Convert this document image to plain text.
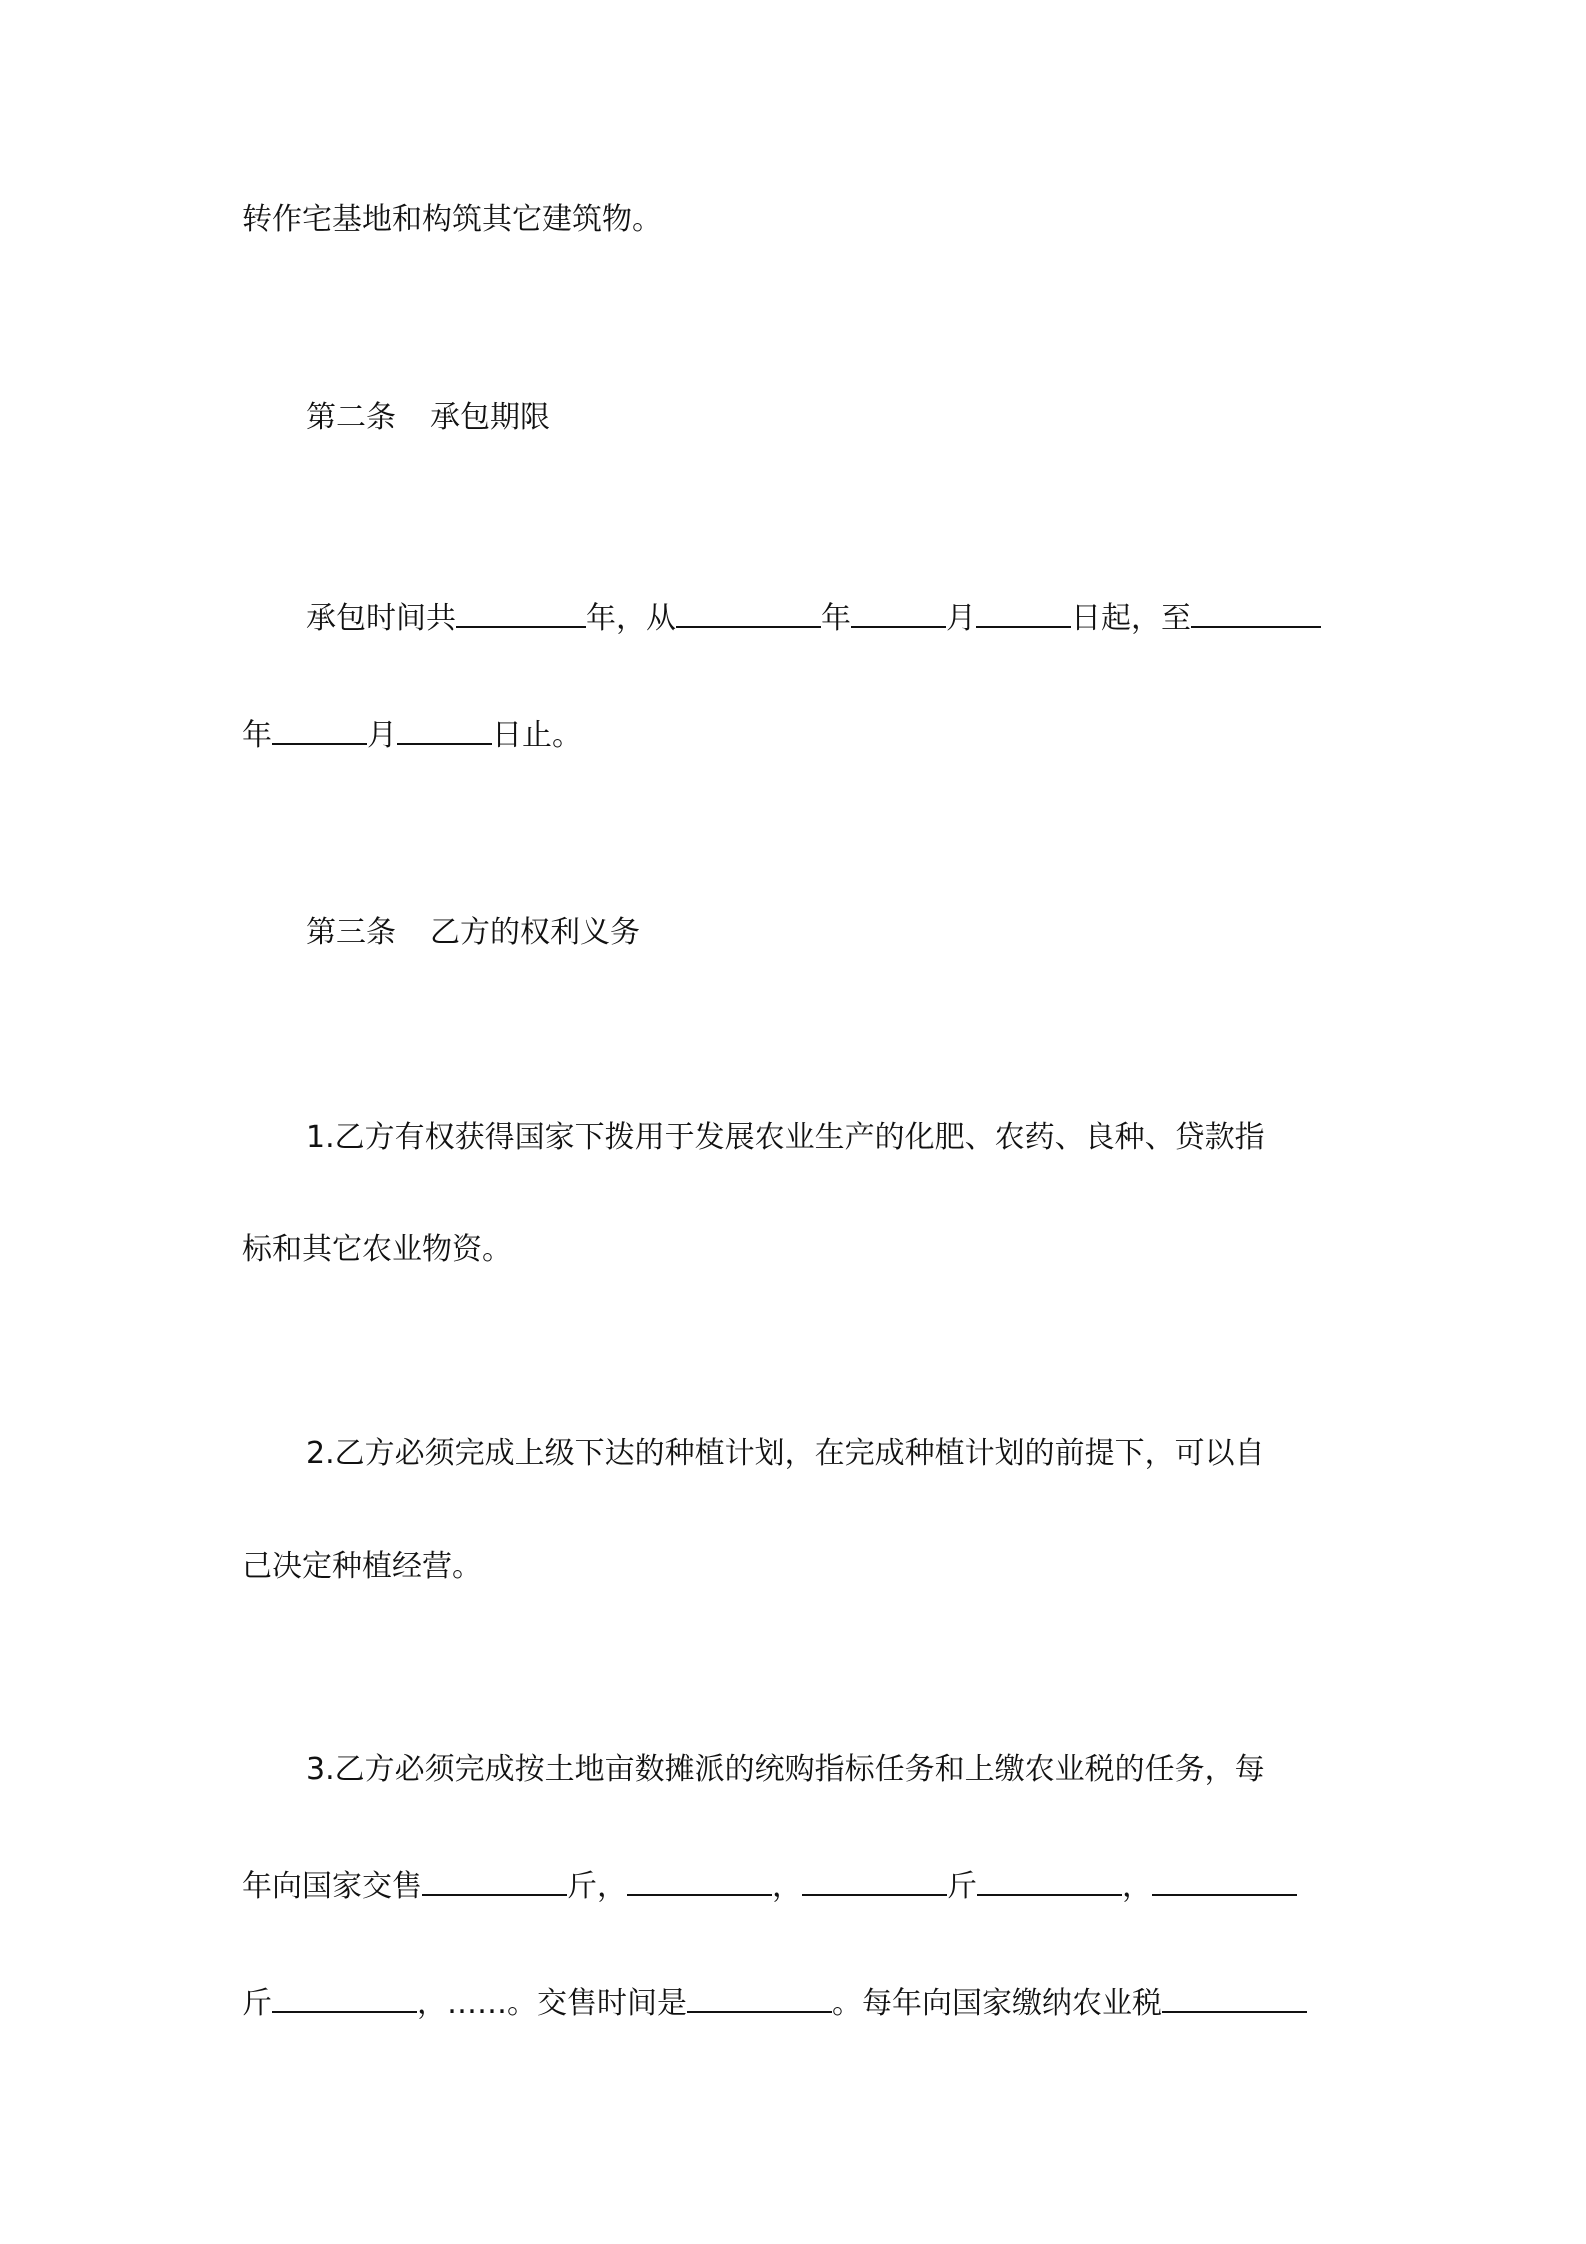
转作宅基地和构筑其它建筑物。
第二条 承包期限
承包时间共	年，从	年	月	日起，至
年	月	日止。
第三条 乙方的权利义务
1.乙方有权获得国家下拨用于发展农业生产的化肥、农药、良种、贷款指
标和其它农业物资。
2.乙方必须完成上级下达的种植计划，在完成种植计划的前提下，可以自
己决定种植经营。
3.乙方必须完成按土地亩数摊派的统购指标任务和上缴农业税的任务，每
年向国家交售	斤，	，	斤	，
斤	，……。交售时间是	。每年向国家缴纳农业税
